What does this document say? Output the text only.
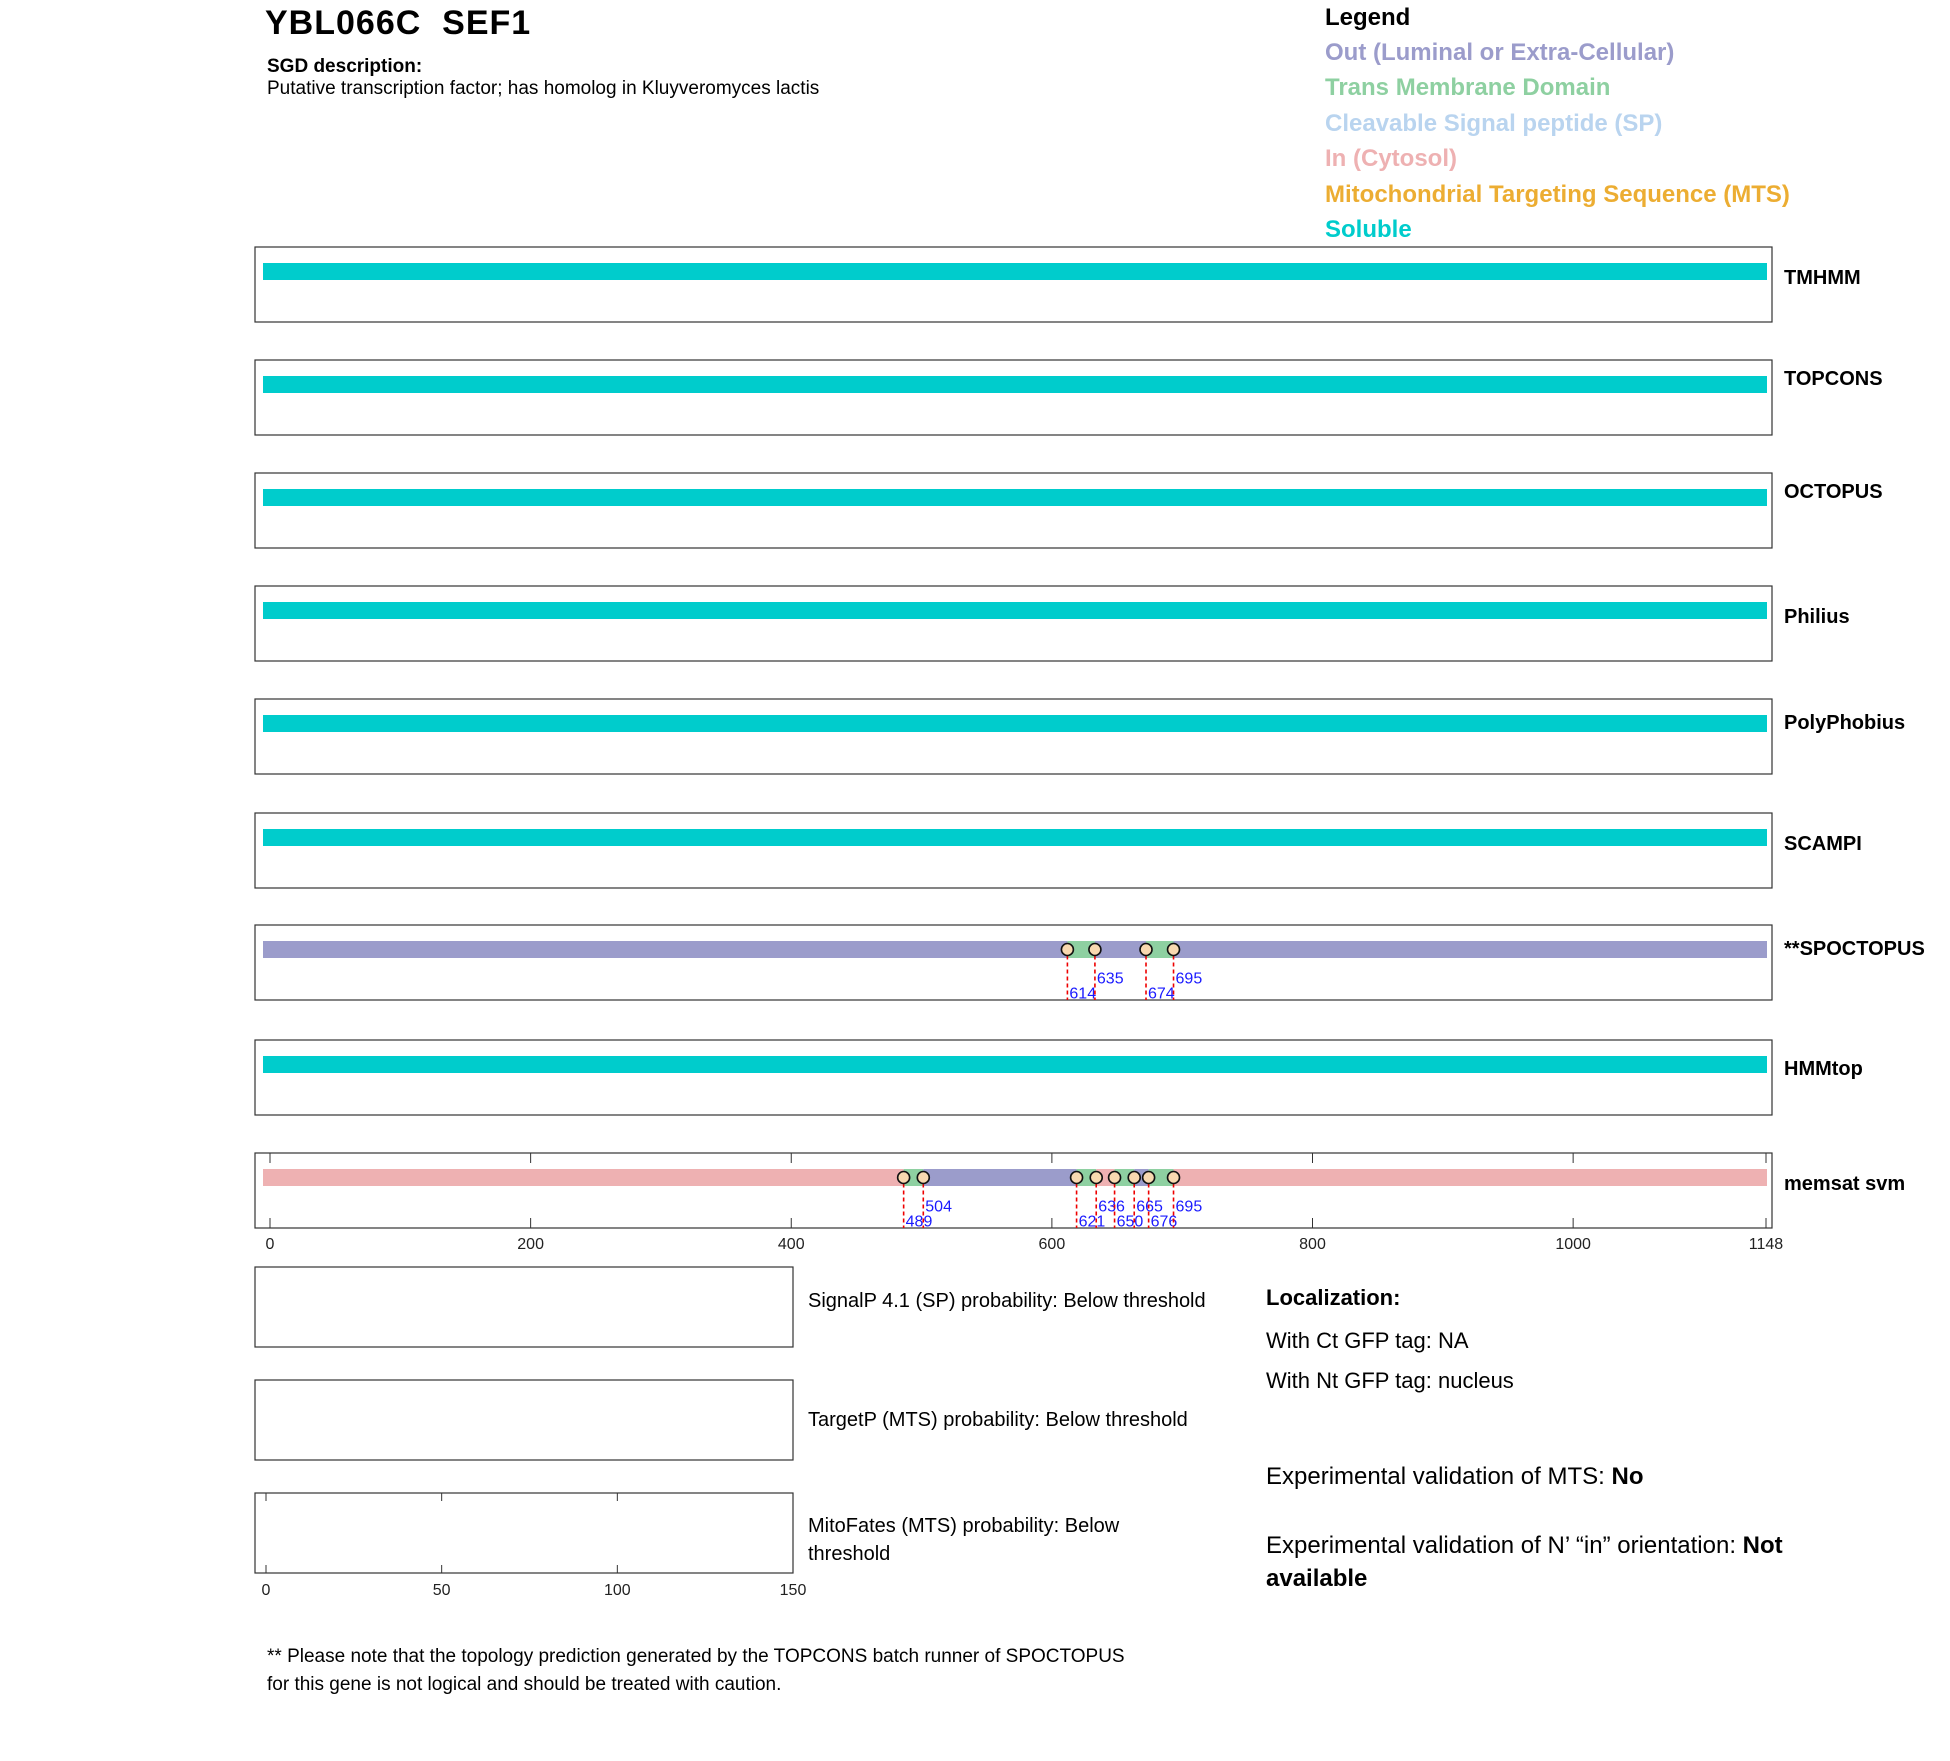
YBL066C  SEF1
SGD description:
Putative transcription factor; has homolog in Kluyveromyces lactis
Legend
Out (Luminal or Extra-Cellular)
Trans Membrane Domain
Cleavable Signal peptide (SP)
In (Cytosol)
Mitochondrial Targeting Sequence (MTS)
Soluble
TMHMM
TOPCONS
OCTOPUS
Philius
PolyPhobius
SCAMPI
**SPOCTOPUS
614
635
674
695
HMMtop
memsat svm
489
504
621
636
650
665
676
695
0	200	400	600	800	1000	1148
0	50	100	150
SignalP 4.1 (SP) probability: Below threshold
TargetP (MTS) probability: Below threshold
MitoFates (MTS) probability: Below threshold
Localization:
With Ct GFP tag: NA
With Nt GFP tag: nucleus
Experimental validation of MTS: No
Experimental validation of N’ “in” orientation: Not available
** Please note that the topology prediction generated by the TOPCONS batch runner of SPOCTOPUS for this gene is not logical and should be treated with caution.
